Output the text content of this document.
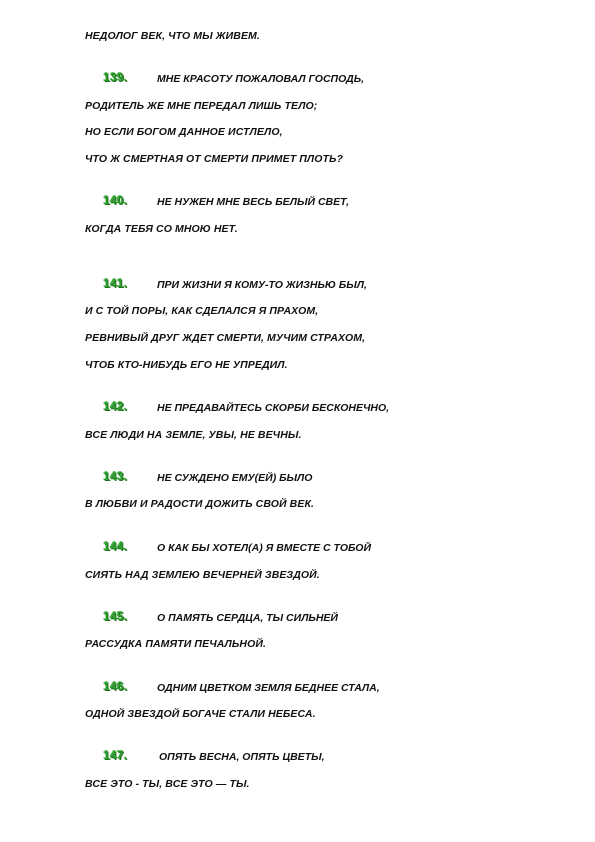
НЕДОЛОГ ВЕК, ЧТО МЫ ЖИВЕМ.
139.	МНЕ КРАСОТУ ПОЖАЛОВАЛ ГОСПОДЬ,
РОДИТЕЛЬ ЖЕ МНЕ ПЕРЕДАЛ ЛИШЬ ТЕЛО;
НО ЕСЛИ БОГОМ ДАННОЕ ИСТЛЕЛО,
ЧТО Ж СМЕРТНАЯ ОТ СМЕРТИ ПРИМЕТ ПЛОТЬ?
140.	НЕ НУЖЕН МНЕ ВЕСЬ БЕЛЫЙ СВЕТ,
КОГДА ТЕБЯ СО МНОЮ НЕТ.
141.	ПРИ ЖИЗНИ Я КОМУ-ТО ЖИЗНЬЮ БЫЛ,
И С ТОЙ ПОРЫ, КАК СДЕЛАЛСЯ Я ПРАХОМ,
РЕВНИВЫЙ ДРУГ ЖДЕТ СМЕРТИ, МУЧИМ СТРАХОМ,
ЧТОБ КТО-НИБУДЬ ЕГО НЕ УПРЕДИЛ.
142.	НЕ ПРЕДАВАЙТЕСЬ СКОРБИ БЕСКОНЕЧНО,
ВСЕ ЛЮДИ НА ЗЕМЛЕ, УВЫ, НЕ ВЕЧНЫ.
143.	НЕ СУЖДЕНО ЕМУ(ЕЙ) БЫЛО
В ЛЮБВИ И РАДОСТИ ДОЖИТЬ СВОЙ ВЕК.
144.	О КАК БЫ ХОТЕЛ(А) Я ВМЕСТЕ С ТОБОЙ
СИЯТЬ НАД ЗЕМЛЕЮ ВЕЧЕРНЕЙ ЗВЕЗДОЙ.
145.	О ПАМЯТЬ СЕРДЦА, ТЫ СИЛЬНЕЙ
РАССУДКА ПАМЯТИ ПЕЧАЛЬНОЙ.
146.	ОДНИМ ЦВЕТКОМ ЗЕМЛЯ БЕДНЕЕ СТАЛА,
ОДНОЙ ЗВЕЗДОЙ БОГАЧЕ СТАЛИ НЕБЕСА.
147.	ОПЯТЬ ВЕСНА, ОПЯТЬ ЦВЕТЫ,
ВСЕ ЭТО - ТЫ, ВСЕ ЭТО — ТЫ.
